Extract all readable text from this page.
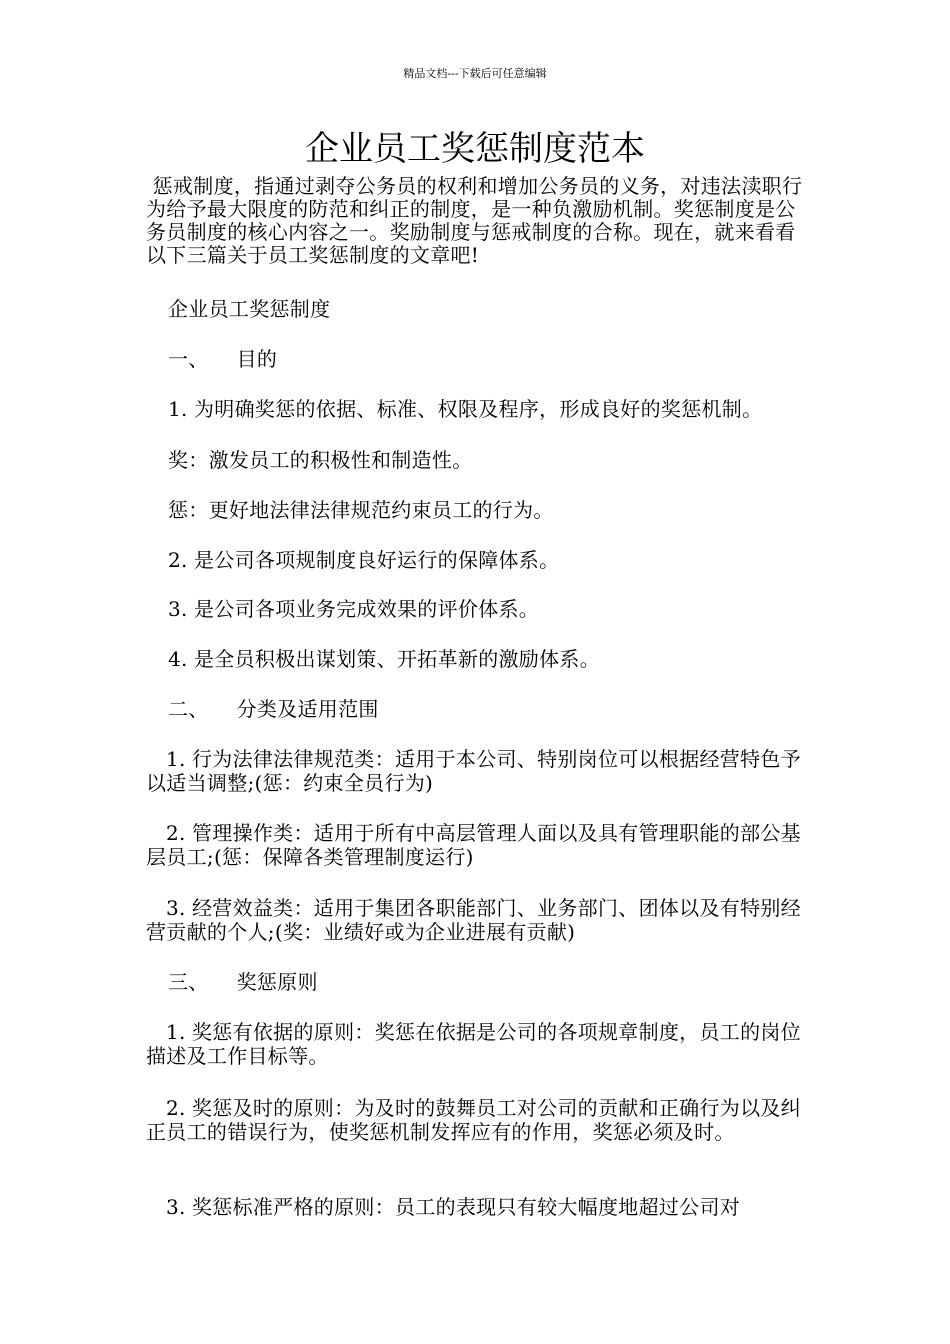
精品文档---下载后可任意编辑
企业员工奖惩制度范本
惩戒制度，指通过剥夺公务员的权利和增加公务员的义务，对违法渎职行为给予最大限度的防范和纠正的制度，是一种负激励机制。奖惩制度是公务员制度的核心内容之一。奖励制度与惩戒制度的合称。现在，就来看看以下三篇关于员工奖惩制度的文章吧!
企业员工奖惩制度
一、 目的
1. 为明确奖惩的依据、标准、权限及程序，形成良好的奖惩机制。
奖：激发员工的积极性和制造性。
惩：更好地法律法律规范约束员工的行为。
2. 是公司各项规制度良好运行的保障体系。
3. 是公司各项业务完成效果的评价体系。
4. 是全员积极出谋划策、开拓革新的激励体系。
二、 分类及适用范围
1. 行为法律法律规范类：适用于本公司、特别岗位可以根据经营特色予以适当调整;(惩：约束全员行为)
2. 管理操作类：适用于所有中高层管理人面以及具有管理职能的部公基层员工;(惩：保障各类管理制度运行)
3. 经营效益类：适用于集团各职能部门、业务部门、团体以及有特别经营贡献的个人;(奖：业绩好或为企业进展有贡献)
三、 奖惩原则
1. 奖惩有依据的原则：奖惩在依据是公司的各项规章制度，员工的岗位描述及工作目标等。
2. 奖惩及时的原则：为及时的鼓舞员工对公司的贡献和正确行为以及纠正员工的错误行为，使奖惩机制发挥应有的作用，奖惩必须及时。
3. 奖惩标准严格的原则：员工的表现只有较大幅度地超过公司对
